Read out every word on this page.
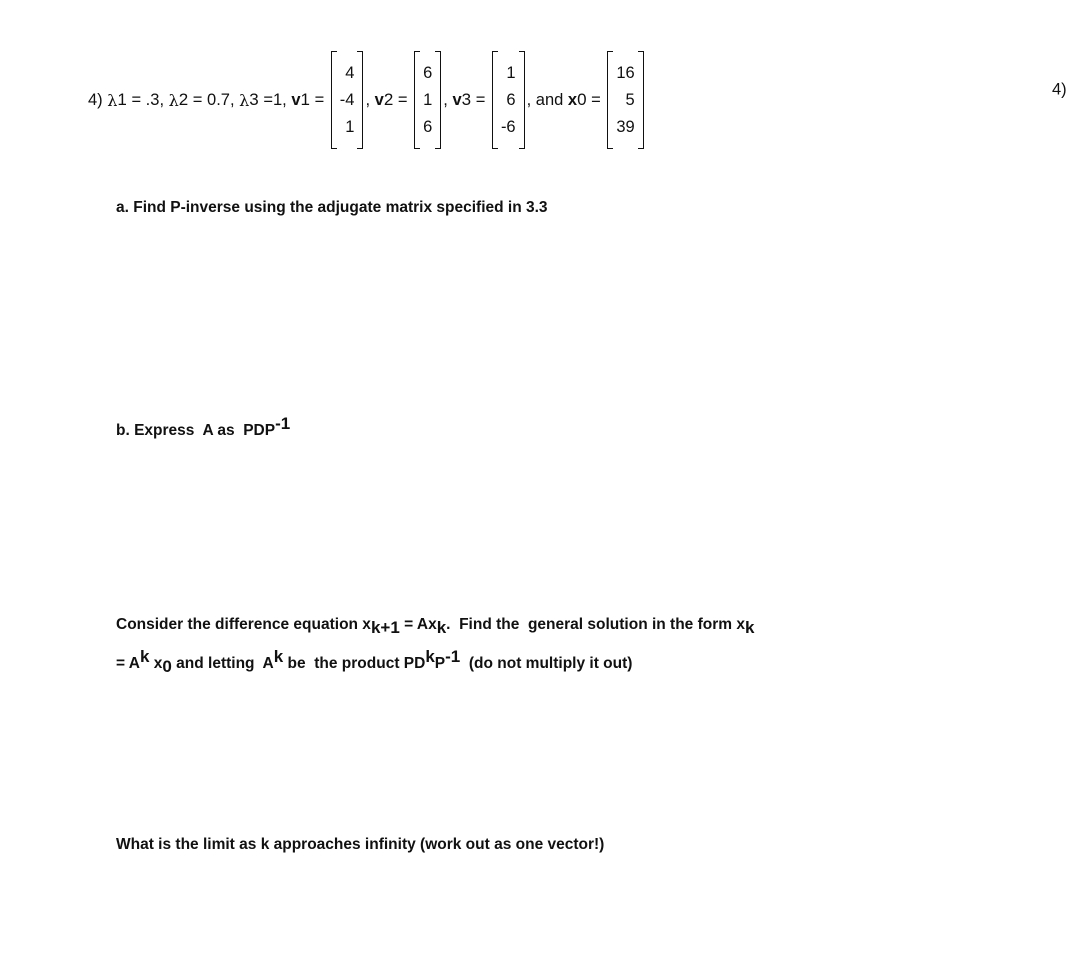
4)
λ 1 = .3, λ 2 = 0.7, λ 3 =1, v 1 =
4
-4
1
, v 2 =
6
1
6
, v 3 =
1
6
-6
, and x 0 =
16
5
39
4)
a. Find P-inverse using the adjugate matrix specified in 3.3
b. Express  A as  $PDP^{-1}$
Consider the difference equation $x_{k+1} = Ax_k$.  Find the  general solution in the form $x_k$
= $A^k$ $x_0$ and letting  $A^k$ be  the product $PD^kP^{-1}$  (do not multiply it out)
What is the limit as k approaches infinity (work out as one vector!)
